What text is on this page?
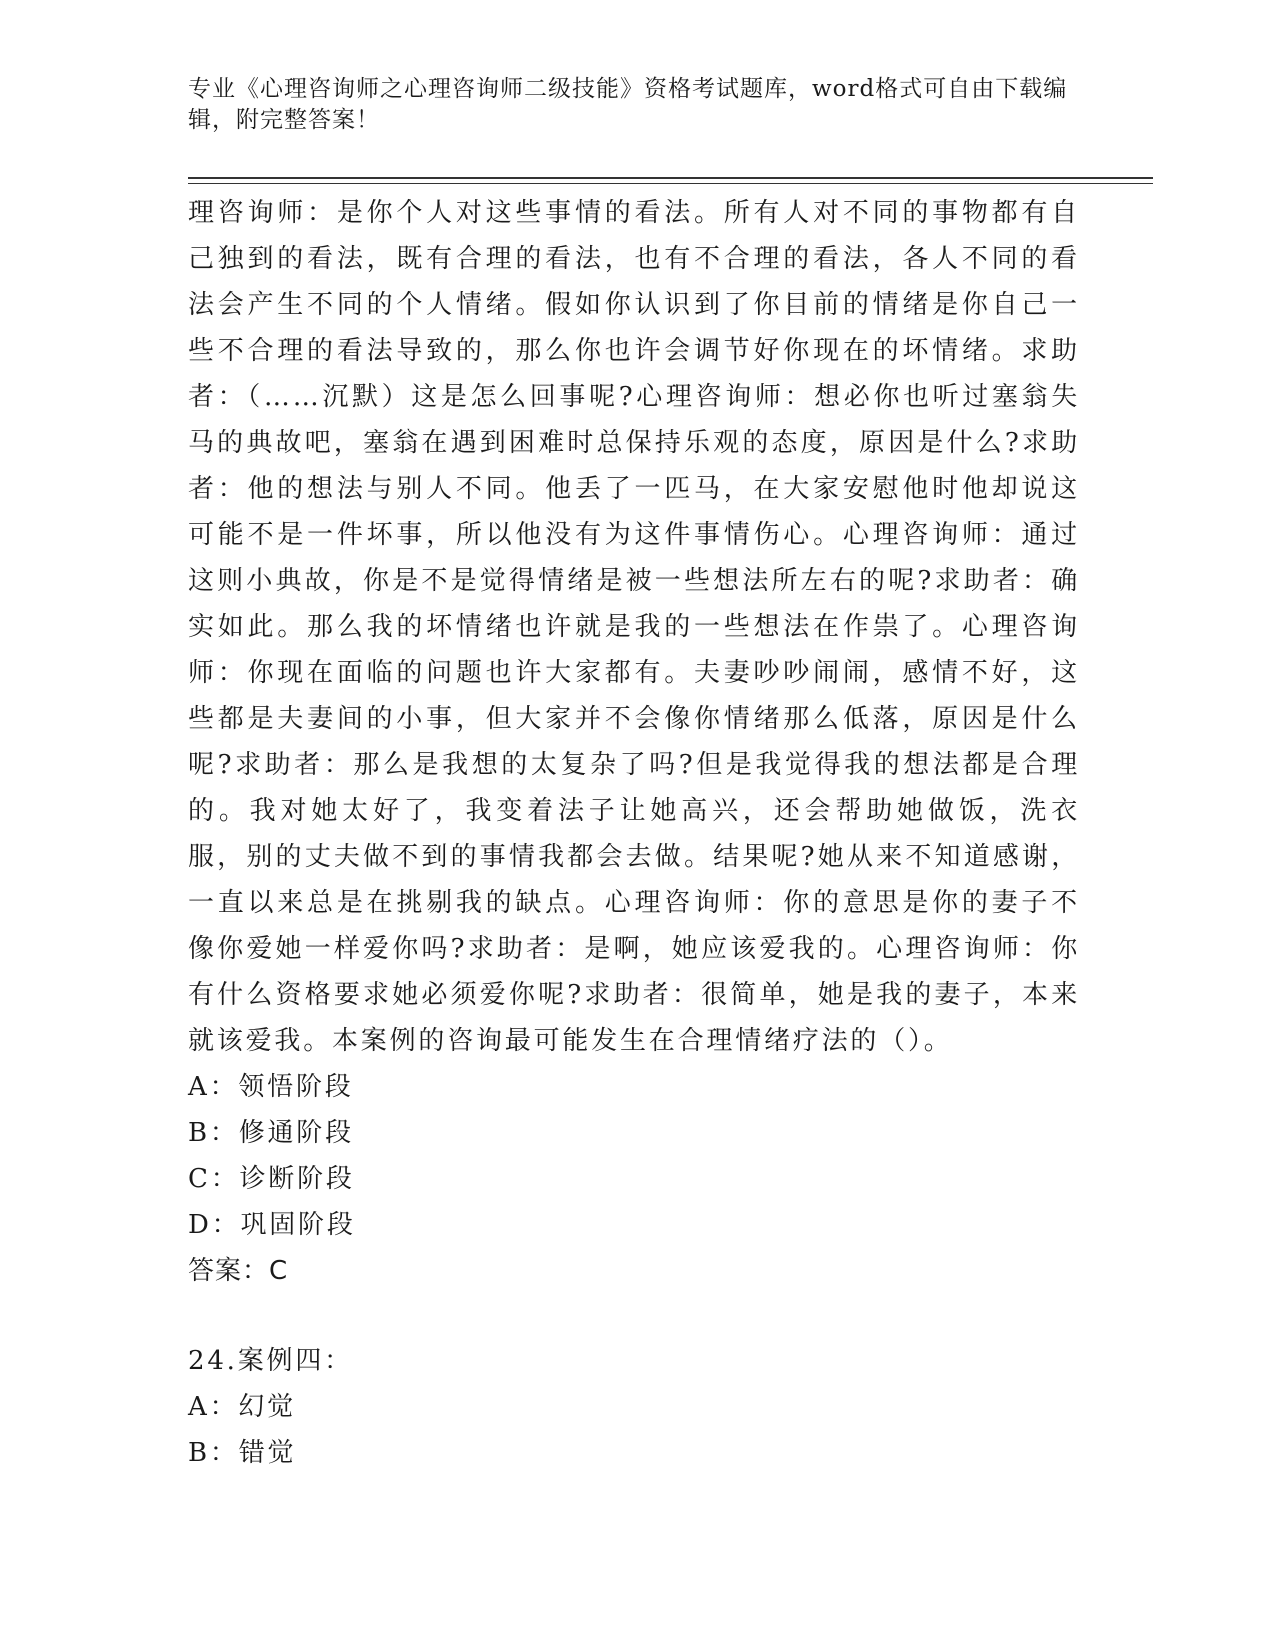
专业《心理咨询师之心理咨询师二级技能》资格考试题库，word格式可自由下载编辑，附完整答案！

理咨询师：是你个人对这些事情的看法。所有人对不同的事物都有自己独到的看法，既有合理的看法，也有不合理的看法，各人不同的看法会产生不同的个人情绪。假如你认识到了你目前的情绪是你自己一些不合理的看法导致的，那么你也许会调节好你现在的坏情绪。求助者：（……沉默）这是怎么回事呢?心理咨询师：想必你也听过塞翁失马的典故吧，塞翁在遇到困难时总保持乐观的态度，原因是什么?求助者：他的想法与别人不同。他丢了一匹马，在大家安慰他时他却说这可能不是一件坏事，所以他没有为这件事情伤心。心理咨询师：通过这则小典故，你是不是觉得情绪是被一些想法所左右的呢?求助者：确实如此。那么我的坏情绪也许就是我的一些想法在作祟了。心理咨询师：你现在面临的问题也许大家都有。夫妻吵吵闹闹，感情不好，这些都是夫妻间的小事，但大家并不会像你情绪那么低落，原因是什么呢?求助者：那么是我想的太复杂了吗?但是我觉得我的想法都是合理的。我对她太好了，我变着法子让她高兴，还会帮助她做饭，洗衣服，别的丈夫做不到的事情我都会去做。结果呢?她从来不知道感谢，一直以来总是在挑剔我的缺点。心理咨询师：你的意思是你的妻子不像你爱她一样爱你吗?求助者：是啊，她应该爱我的。心理咨询师：你有什么资格要求她必须爱你呢?求助者：很简单，她是我的妻子，本来就该爱我。本案例的咨询最可能发生在合理情绪疗法的（）。

A：领悟阶段

B：修通阶段

C：诊断阶段

D：巩固阶段

答案：C

24.案例四：

A：幻觉

B：错觉
